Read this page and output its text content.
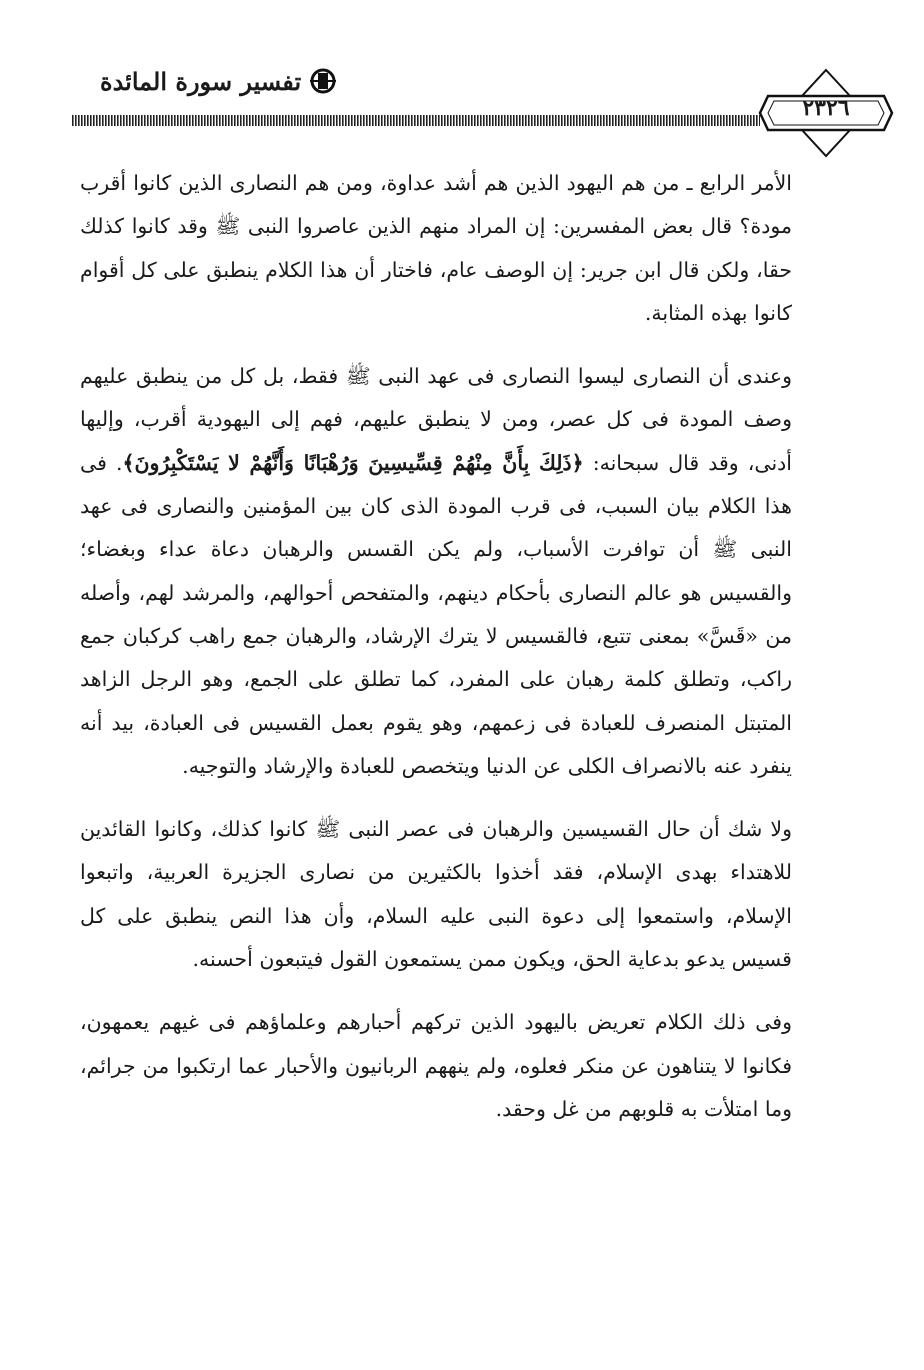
تفسير سورة المائدة
٢٣٢٦

الأمر الرابع ـ من هم اليهود الذين هم أشد عداوة، ومن هم النصارى الذين كانوا أقرب مودة؟ قال بعض المفسرين: إن المراد منهم الذين عاصروا النبى ﷺ وقد كانوا كذلك حقا، ولكن قال ابن جرير: إن الوصف عام، فاختار أن هذا الكلام ينطبق على كل أقوام كانوا بهذه المثابة.

وعندى أن النصارى ليسوا النصارى فى عهد النبى ﷺ فقط، بل كل من ينطبق عليهم وصف المودة فى كل عصر، ومن لا ينطبق عليهم، فهم إلى اليهودية أقرب، وإليها أدنى، وقد قال سبحانه: ﴿ذَلِكَ بِأَنَّ مِنْهُمْ قِسِّيسِينَ وَرُهْبَانًا وَأَنَّهُمْ لا يَسْتَكْبِرُونَ﴾. فى هذا الكلام بيان السبب، فى قرب المودة الذى كان بين المؤمنين والنصارى فى عهد النبى ﷺ أن توافرت الأسباب، ولم يكن القسس والرهبان دعاة عداء وبغضاء؛ والقسيس هو عالم النصارى بأحكام دينهم، والمتفحص أحوالهم، والمرشد لهم، وأصله من «قَسَّ» بمعنى تتبع، فالقسيس لا يترك الإرشاد، والرهبان جمع راهب كركبان جمع راكب، وتطلق كلمة رهبان على المفرد، كما تطلق على الجمع، وهو الرجل الزاهد المتبتل المنصرف للعبادة فى زعمهم، وهو يقوم بعمل القسيس فى العبادة، بيد أنه ينفرد عنه بالانصراف الكلى عن الدنيا ويتخصص للعبادة والإرشاد والتوجيه.

ولا شك أن حال القسيسين والرهبان فى عصر النبى ﷺ كانوا كذلك، وكانوا القائدين للاهتداء بهدى الإسلام، فقد أخذوا بالكثيرين من نصارى الجزيرة العربية، واتبعوا الإسلام، واستمعوا إلى دعوة النبى عليه السلام، وأن هذا النص ينطبق على كل قسيس يدعو بدعاية الحق، ويكون ممن يستمعون القول فيتبعون أحسنه.

وفى ذلك الكلام تعريض باليهود الذين تركهم أحبارهم وعلماؤهم فى غيهم يعمهون، فكانوا لا يتناهون عن منكر فعلوه، ولم ينههم الربانيون والأحبار عما ارتكبوا من جرائم، وما امتلأت به قلوبهم من غل وحقد.
